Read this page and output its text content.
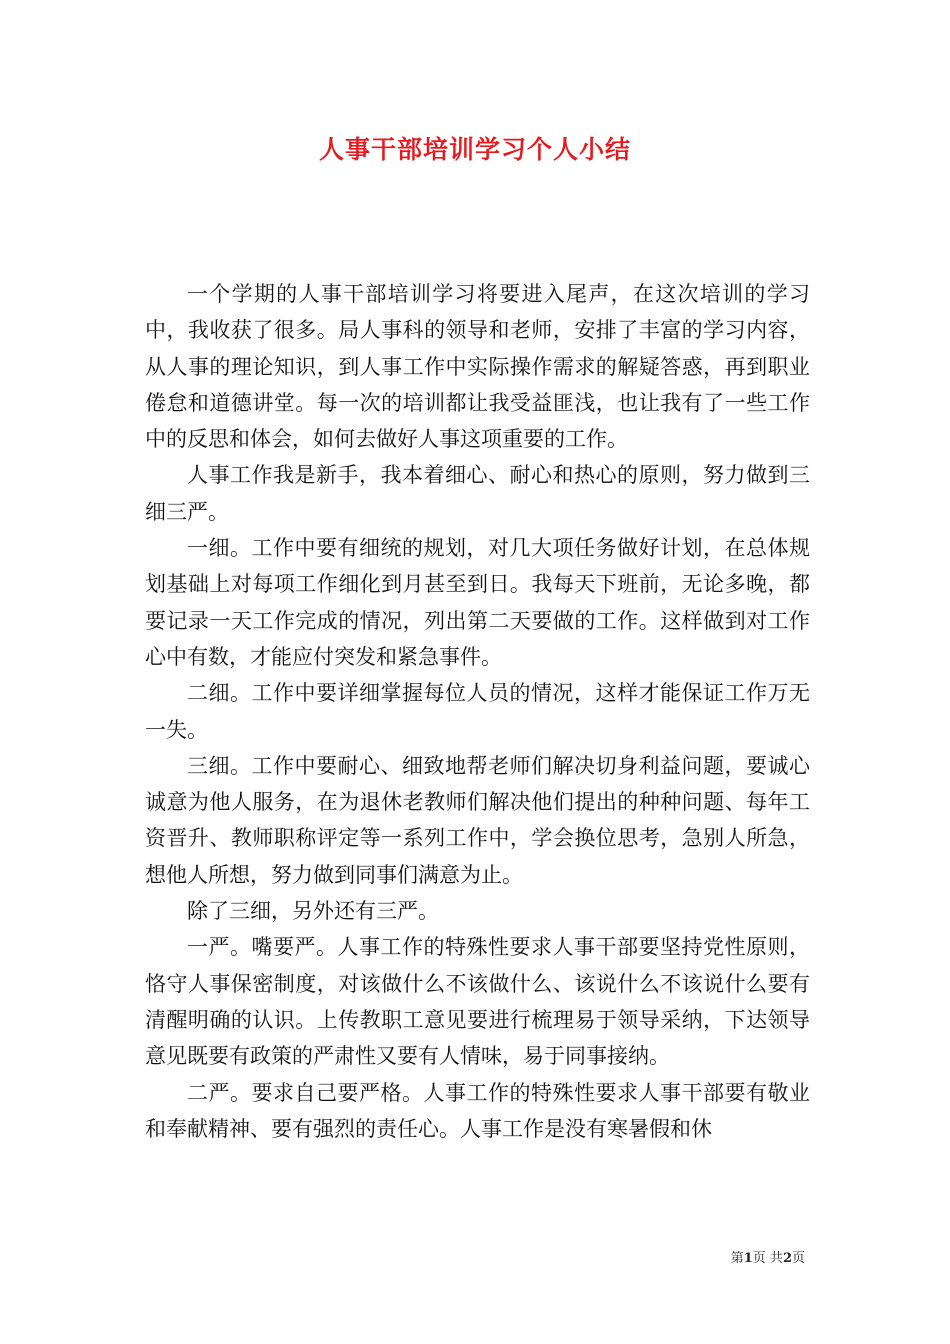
人事干部培训学习个人小结

一个学期的人事干部培训学习将要进入尾声，在这次培训的学习中，我收获了很多。局人事科的领导和老师，安排了丰富的学习内容，从人事的理论知识，到人事工作中实际操作需求的解疑答惑，再到职业倦怠和道德讲堂。每一次的培训都让我受益匪浅，也让我有了一些工作中的反思和体会，如何去做好人事这项重要的工作。

人事工作我是新手，我本着细心、耐心和热心的原则，努力做到三细三严。

一细。工作中要有细统的规划，对几大项任务做好计划，在总体规划基础上对每项工作细化到月甚至到日。我每天下班前，无论多晚，都要记录一天工作完成的情况，列出第二天要做的工作。这样做到对工作心中有数，才能应付突发和紧急事件。

二细。工作中要详细掌握每位人员的情况，这样才能保证工作万无一失。

三细。工作中要耐心、细致地帮老师们解决切身利益问题，要诚心诚意为他人服务，在为退休老教师们解决他们提出的种种问题、每年工资晋升、教师职称评定等一系列工作中，学会换位思考，急别人所急，想他人所想，努力做到同事们满意为止。

除了三细，另外还有三严。

一严。嘴要严。人事工作的特殊性要求人事干部要坚持党性原则，恪守人事保密制度，对该做什么不该做什么、该说什么不该说什么要有清醒明确的认识。上传教职工意见要进行梳理易于领导采纳，下达领导意见既要有政策的严肃性又要有人情味，易于同事接纳。

二严。要求自己要严格。人事工作的特殊性要求人事干部要有敬业和奉献精神、要有强烈的责任心。人事工作是没有寒暑假和休

第1页 共2页
